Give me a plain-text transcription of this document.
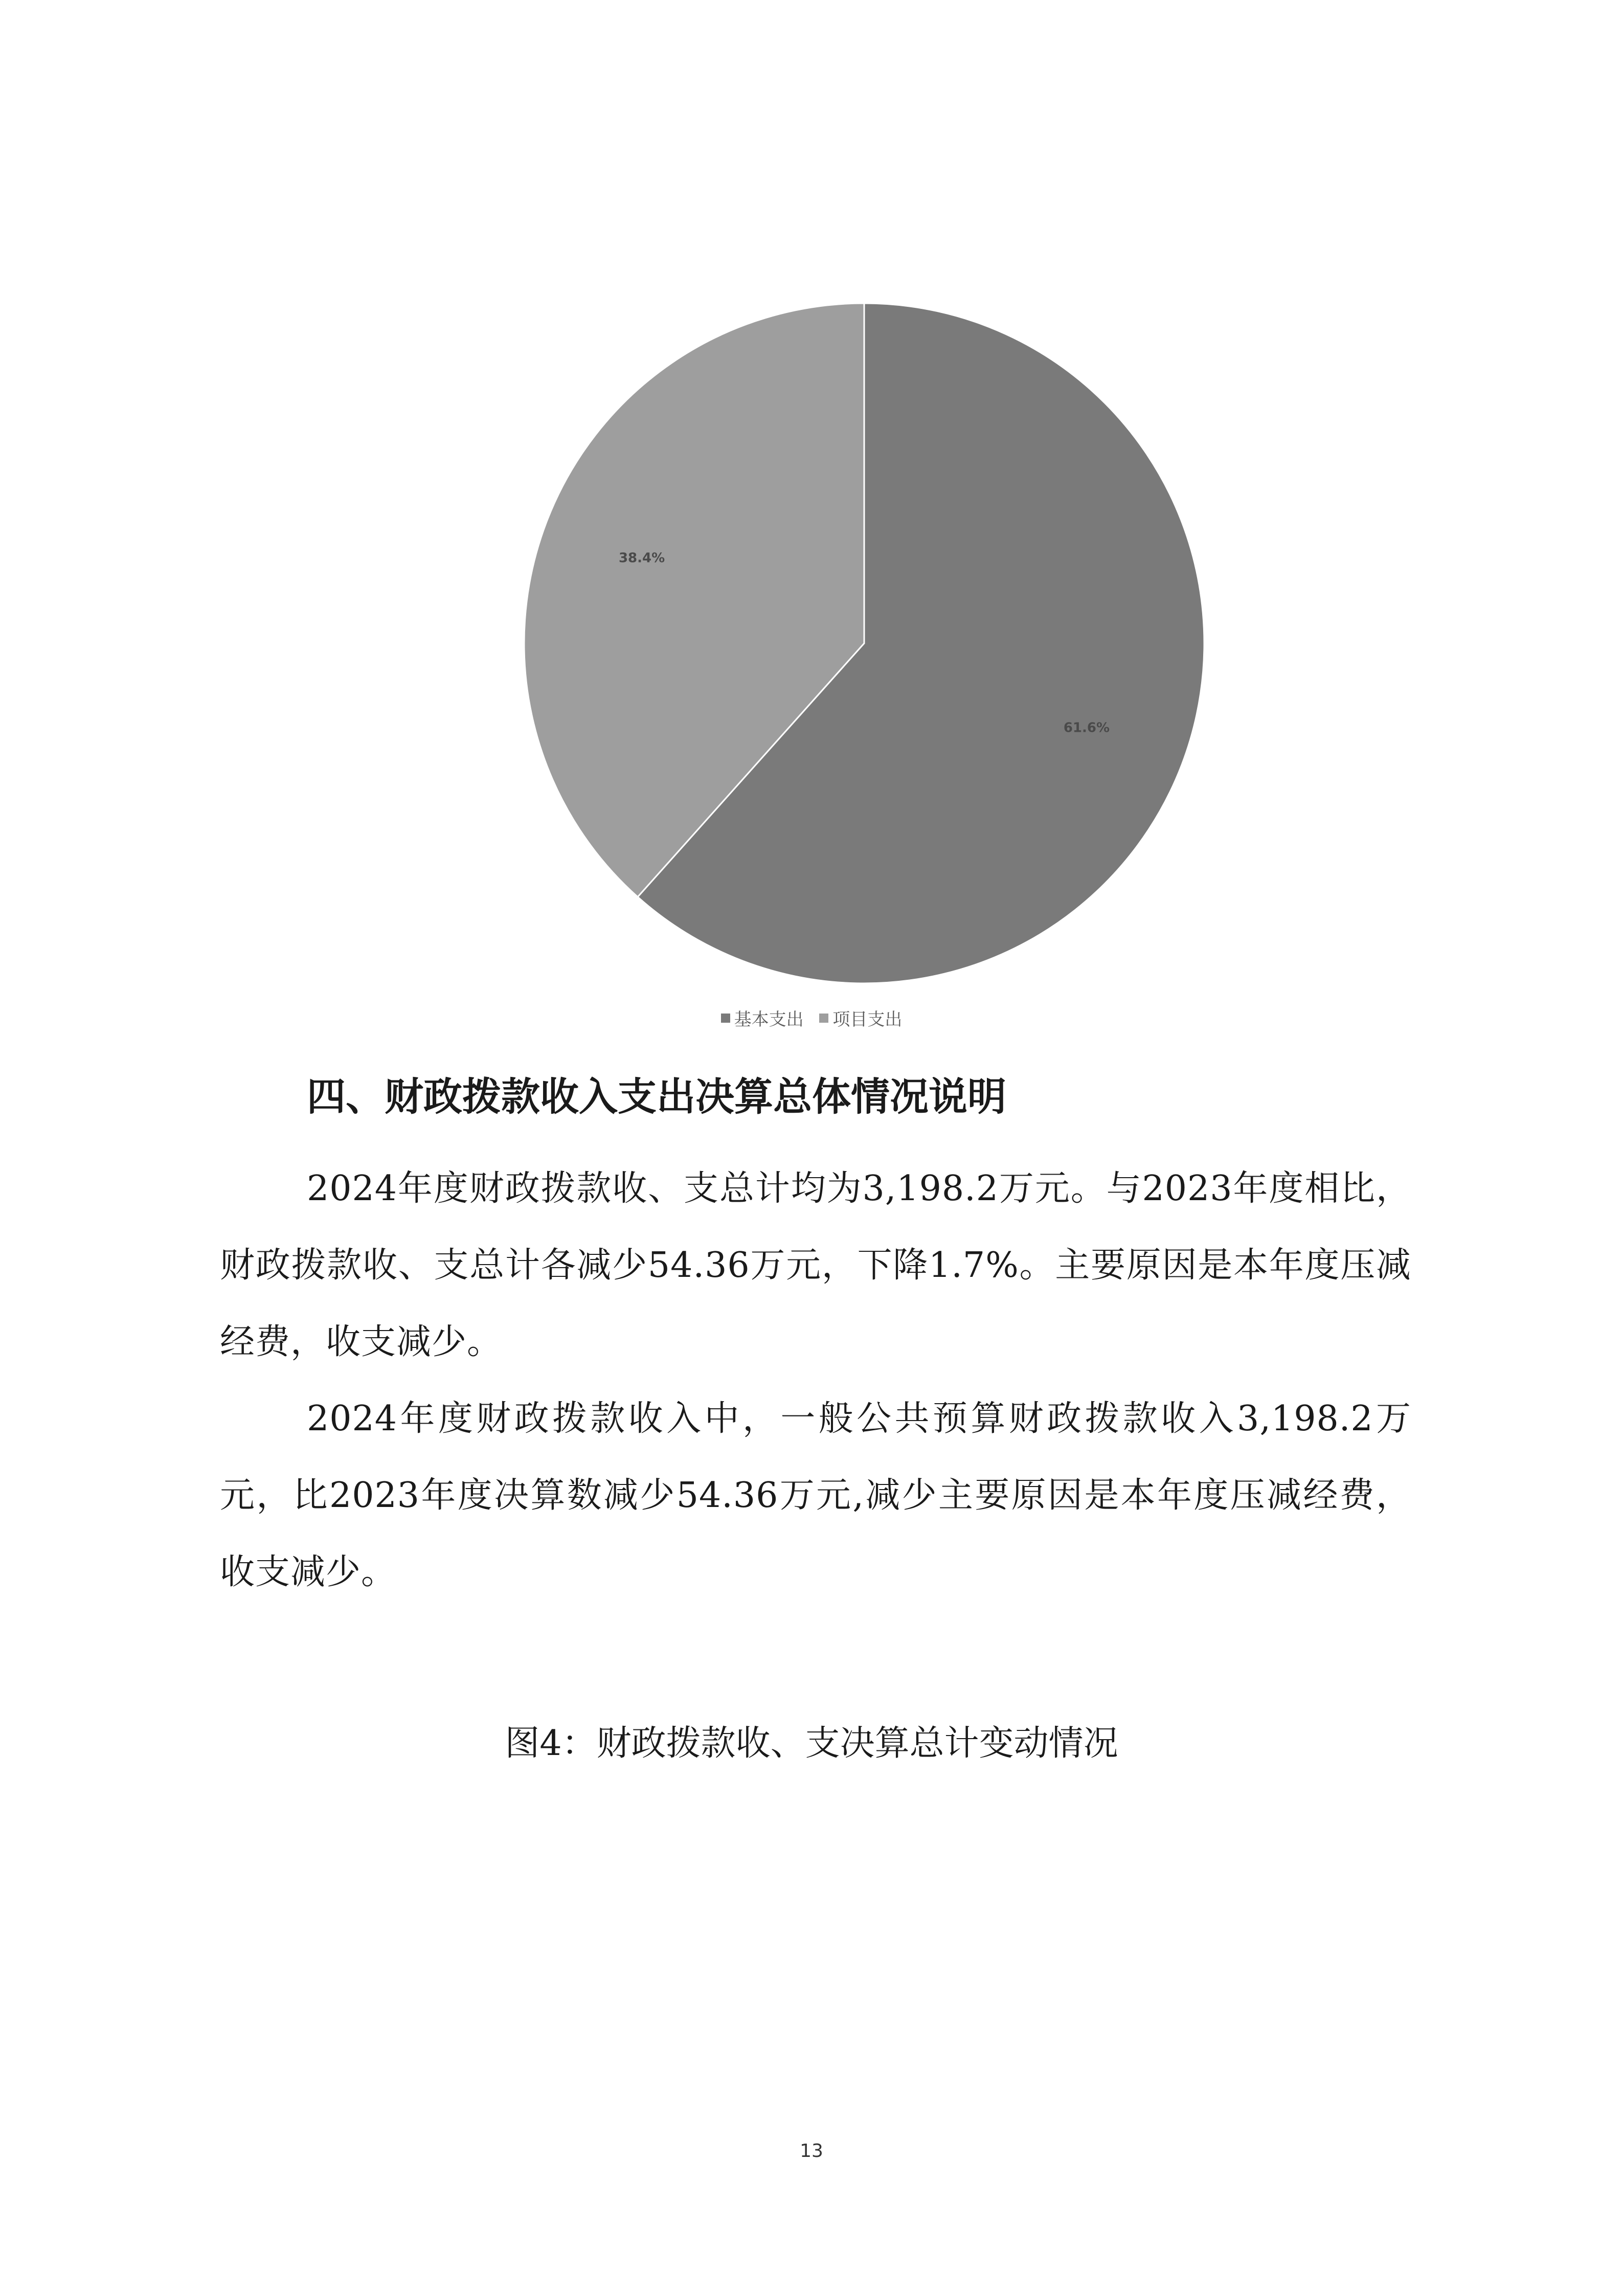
61.6%
38.4%
基本支出
项目支出
四、财政拨款收入支出决算总体情况说明

2024年度财政拨款收、支总计均为3,198.2万元。与2023年度相比，财政拨款收、支总计各减少54.36万元，下降1.7%。主要原因是本年度压减经费，收支减少。

2024年度财政拨款收入中，一般公共预算财政拨款收入3,198.2万元，比2023年度决算数减少54.36万元,减少主要原因是本年度压减经费，收支减少。

图4：财政拨款收、支决算总计变动情况

13
